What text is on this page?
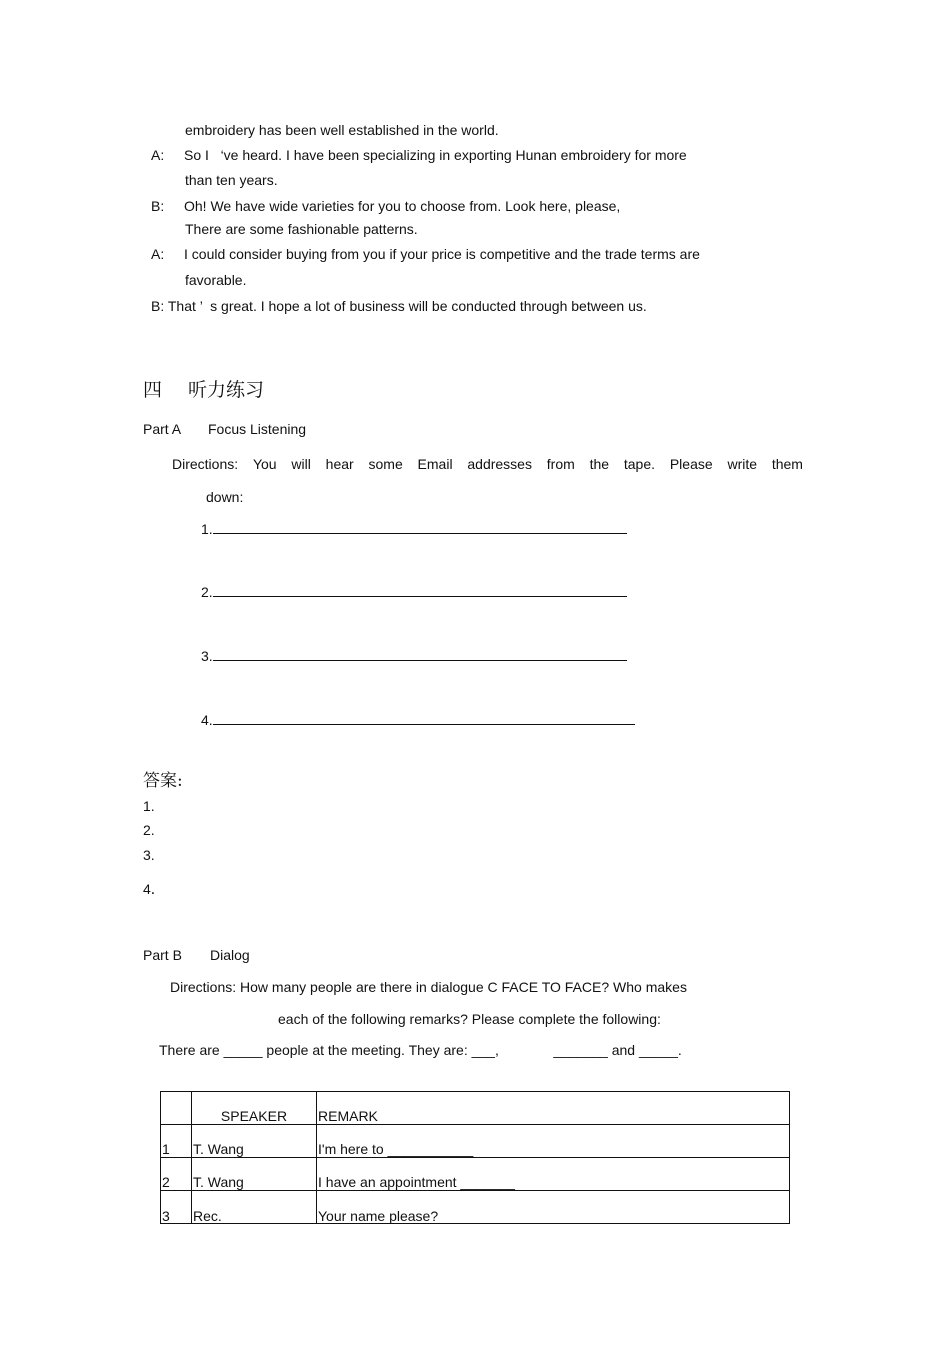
embroidery has been well established in the world.
A: So I   ‘ve heard. I have been specializing in exporting Hunan embroidery for more
than ten years.
B: Oh! We have wide varieties for you to choose from. Look here, please,
There are some fashionable patterns.
A: I could consider buying from you if your price is competitive and the trade terms are
favorable.
B: That ’  s great. I hope a lot of business will be conducted through between us.
四 听力练习
Part A Focus Listening
Directions: You will hear some Email addresses from the tape. Please write them
down:
1.
2.
3.
4.
答案:
1.
2.
3.
4．
Part B Dialog
Directions: How many people are there in dialogue C FACE TO FACE? Who makes
each of the following remarks? Please complete the following:
There are _____ people at the meeting. They are: ___,              _______ and _____.
	SPEAKER	REMARK
1	T. Wang	I'm here to ___________
2	T. Wang	I have an appointment _______
3	Rec.	Your name please?
